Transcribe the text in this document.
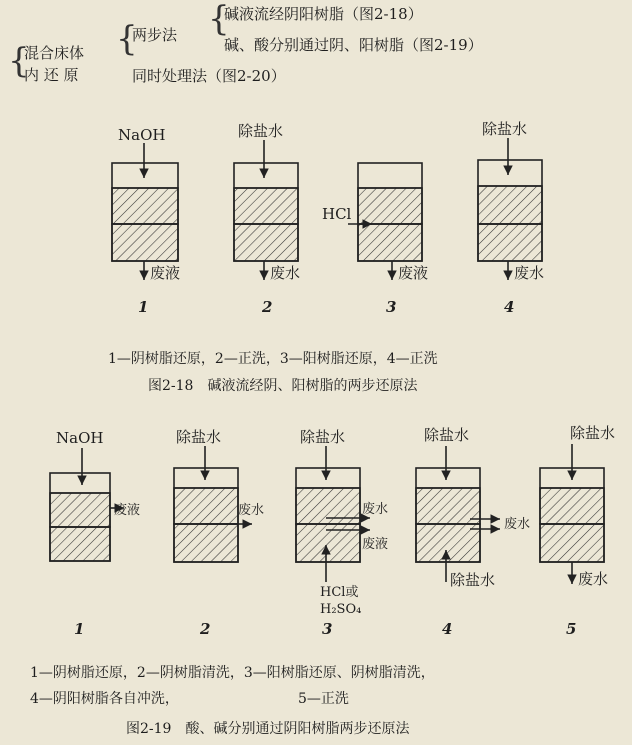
{
混合床体
内 还 原
{
两步法 {
碱液流经阴阳树脂（图2-18）
碱、酸分别通过阴、阳树脂（图2-19）
同时处理法（图2-20）
NaOH
废液
1
除盐水
废水
2
HCl
废液
3
除盐水
废水
4
1—阴树脂还原，2—正洗，3—阳树脂还原，4—正洗
图2-18　碱液流经阴、阳树脂的两步还原法
NaOH
废液
1
除盐水
废水
2
除盐水
废水
废液
HCl或
H₂SO₄
3
除盐水
废水
除盐水
4
除盐水
废水
5
1—阴树脂还原，2—阴树脂清洗，3—阳树脂还原、阴树脂清洗，
4—阴阳树脂各自冲洗，	5—正洗
图2-19　酸、碱分别通过阴阳树脂两步还原法
